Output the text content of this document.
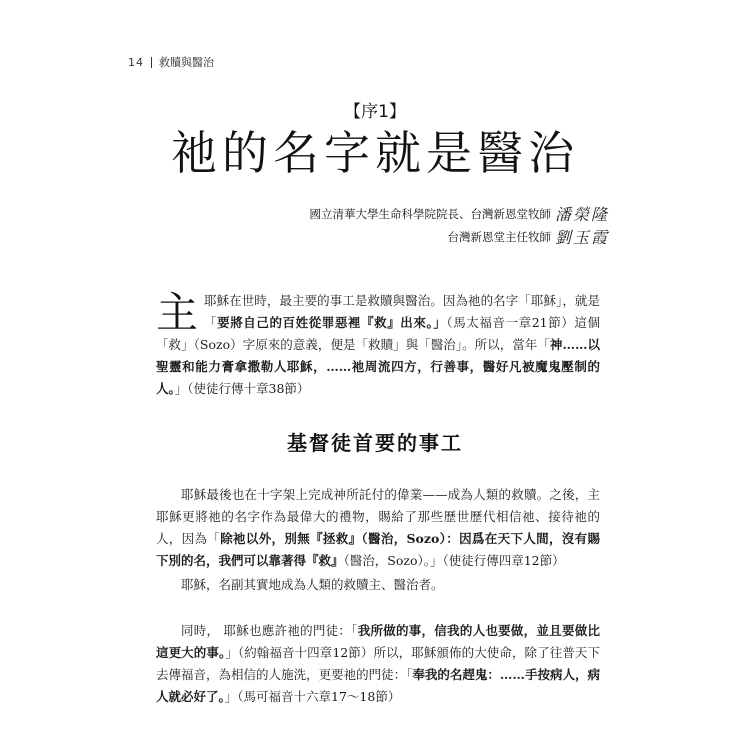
14 救贖與醫治
【序1】
祂的名字就是醫治
國立清華大學生命科學院院長、台灣新恩堂牧師 潘榮隆
台灣新恩堂主任牧師 劉玉霞
主耶穌在世時，最主要的事工是救贖與醫治。因為祂的名字「耶穌」，就是「要將自己的百姓從罪惡裡『救』出來。」（馬太福音一章21節）這個「救」（Sozo）字原來的意義，便是「救贖」與「醫治」。所以，當年「神……以聖靈和能力膏拿撒勒人耶穌，……祂周流四方，行善事，醫好凡被魔鬼壓制的人。」（使徒行傳十章38節）
基督徒首要的事工
耶穌最後也在十字架上完成神所託付的偉業——成為人類的救贖。之後，主耶穌更將祂的名字作為最偉大的禮物，賜給了那些歷世歷代相信祂、接待祂的人，因為「除祂以外，別無『拯救』（醫治，Sozo）：因爲在天下人間，沒有賜下別的名，我們可以靠著得『救』（醫治，Sozo）。」（使徒行傳四章12節）
耶穌，名副其實地成為人類的救贖主、醫治者。
同時， 耶穌也應許祂的門徒：「我所做的事，信我的人也要做，並且要做比這更大的事。」（約翰福音十四章12節）所以，耶穌頒佈的大使命，除了往普天下去傳福音，為相信的人施洗，更要祂的門徒：「奉我的名趕鬼：……手按病人，病人就必好了。」（馬可福音十六章17～18節）
